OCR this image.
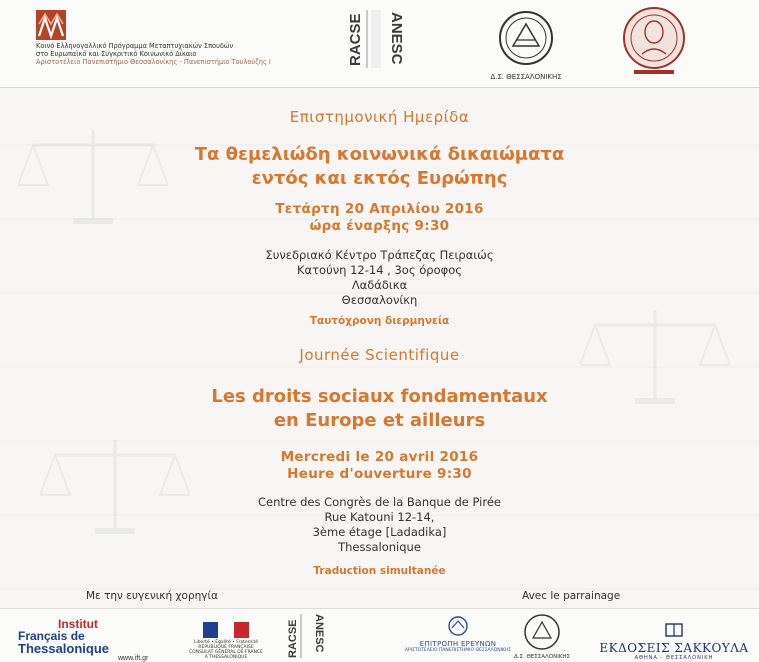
Κοινό Ελληνογαλλικό Πρόγραμμα Μεταπτυχιακών Σπουδών
στο Ευρωπαϊκό και Συγκριτικό Κοινωνικό Δίκαιο
Αριστοτέλειο Πανεπιστήμιο Θεσσαλονίκης - Πανεπιστήμιο Τουλούζης Ι	RACSE ANESC
Δ.Σ. ΘΕΣΣΑΛΟΝΙΚΗΣ
Επιστημονική Ημερίδα
Τα θεμελιώδη κοινωνικά δικαιώματα
εντός και εκτός Ευρώπης
Τετάρτη 20 Απριλίου 2016
ώρα έναρξης 9:30
Συνεδριακό Κέντρο Τράπεζας Πειραιώς
Κατούνη 12-14 , 3ος όροφος
Λαδάδικα
Θεσσαλονίκη
Ταυτόχρονη διερμηνεία
Journée Scientifique
Les droits sociaux fondamentaux
en Europe et ailleurs
Mercredi le 20 avril 2016
Heure d'ouverture 9:30
Centre des Congrès de la Banque de Pirée
Rue Katouni 12-14,
3ème étage [Ladadika]
Thessalonique
Traduction simultanée
Με την ευγενική χορηγία	Avec le parrainage
Institut
Français de
Thessalonique
www.ift.gr
Liberté • Égalité • Fraternité
RÉPUBLIQUE FRANÇAISE
CONSULAT GÉNÉRAL DE FRANCE
À THESSALONIQUE	RACSE ANESC	ΕΠΙΤΡΟΠΗ ΕΡΕΥΝΩΝ
ΑΡΙΣΤΟΤΕΛΕΙΟ ΠΑΝΕΠΙΣΤΗΜΙΟ ΘΕΣΣΑΛΟΝΙΚΗΣ
Δ.Σ. ΘΕΣΣΑΛΟΝΙΚΗΣ
ΕΚΔΟΣΕΙΣ ΣΑΚΚΟΥΛΑ
ΑΘΗΝΑ - ΘΕΣΣΑΛΟΝΙΚΗ
